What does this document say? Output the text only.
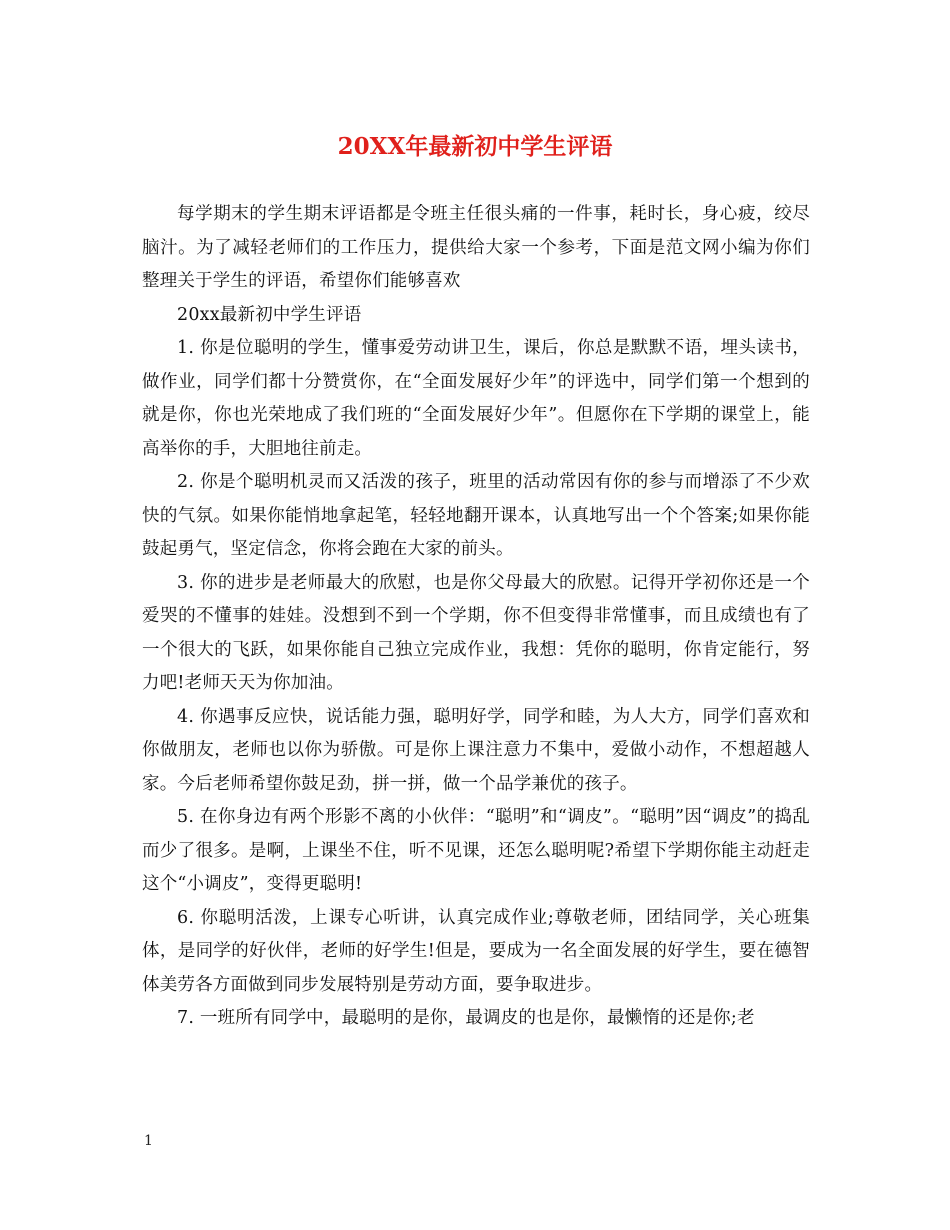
20XX年最新初中学生评语

每学期末的学生期末评语都是令班主任很头痛的一件事，耗时长，身心疲，绞尽脑汁。为了减轻老师们的工作压力，提供给大家一个参考，下面是范文网小编为你们整理关于学生的评语，希望你们能够喜欢

20xx最新初中学生评语

1. 你是位聪明的学生，懂事爱劳动讲卫生，课后，你总是默默不语，埋头读书，做作业，同学们都十分赞赏你，在“全面发展好少年”的评选中，同学们第一个想到的就是你，你也光荣地成了我们班的“全面发展好少年”。但愿你在下学期的课堂上，能高举你的手，大胆地往前走。

2. 你是个聪明机灵而又活泼的孩子，班里的活动常因有你的参与而增添了不少欢快的气氛。如果你能悄地拿起笔，轻轻地翻开课本，认真地写出一个个答案;如果你能鼓起勇气，坚定信念，你将会跑在大家的前头。

3. 你的进步是老师最大的欣慰，也是你父母最大的欣慰。记得开学初你还是一个爱哭的不懂事的娃娃。没想到不到一个学期，你不但变得非常懂事，而且成绩也有了一个很大的飞跃，如果你能自己独立完成作业，我想：凭你的聪明，你肯定能行，努力吧!老师天天为你加油。

4. 你遇事反应快，说话能力强，聪明好学，同学和睦，为人大方，同学们喜欢和你做朋友，老师也以你为骄傲。可是你上课注意力不集中，爱做小动作，不想超越人家。今后老师希望你鼓足劲，拼一拼，做一个品学兼优的孩子。

5. 在你身边有两个形影不离的小伙伴：“聪明”和“调皮”。“聪明”因“调皮”的捣乱而少了很多。是啊，上课坐不住，听不见课，还怎么聪明呢?希望下学期你能主动赶走这个“小调皮”，变得更聪明!

6. 你聪明活泼，上课专心听讲，认真完成作业;尊敬老师，团结同学，关心班集体，是同学的好伙伴，老师的好学生!但是，要成为一名全面发展的好学生，要在德智体美劳各方面做到同步发展特别是劳动方面，要争取进步。

7. 一班所有同学中，最聪明的是你，最调皮的也是你，最懒惰的还是你;老

1
